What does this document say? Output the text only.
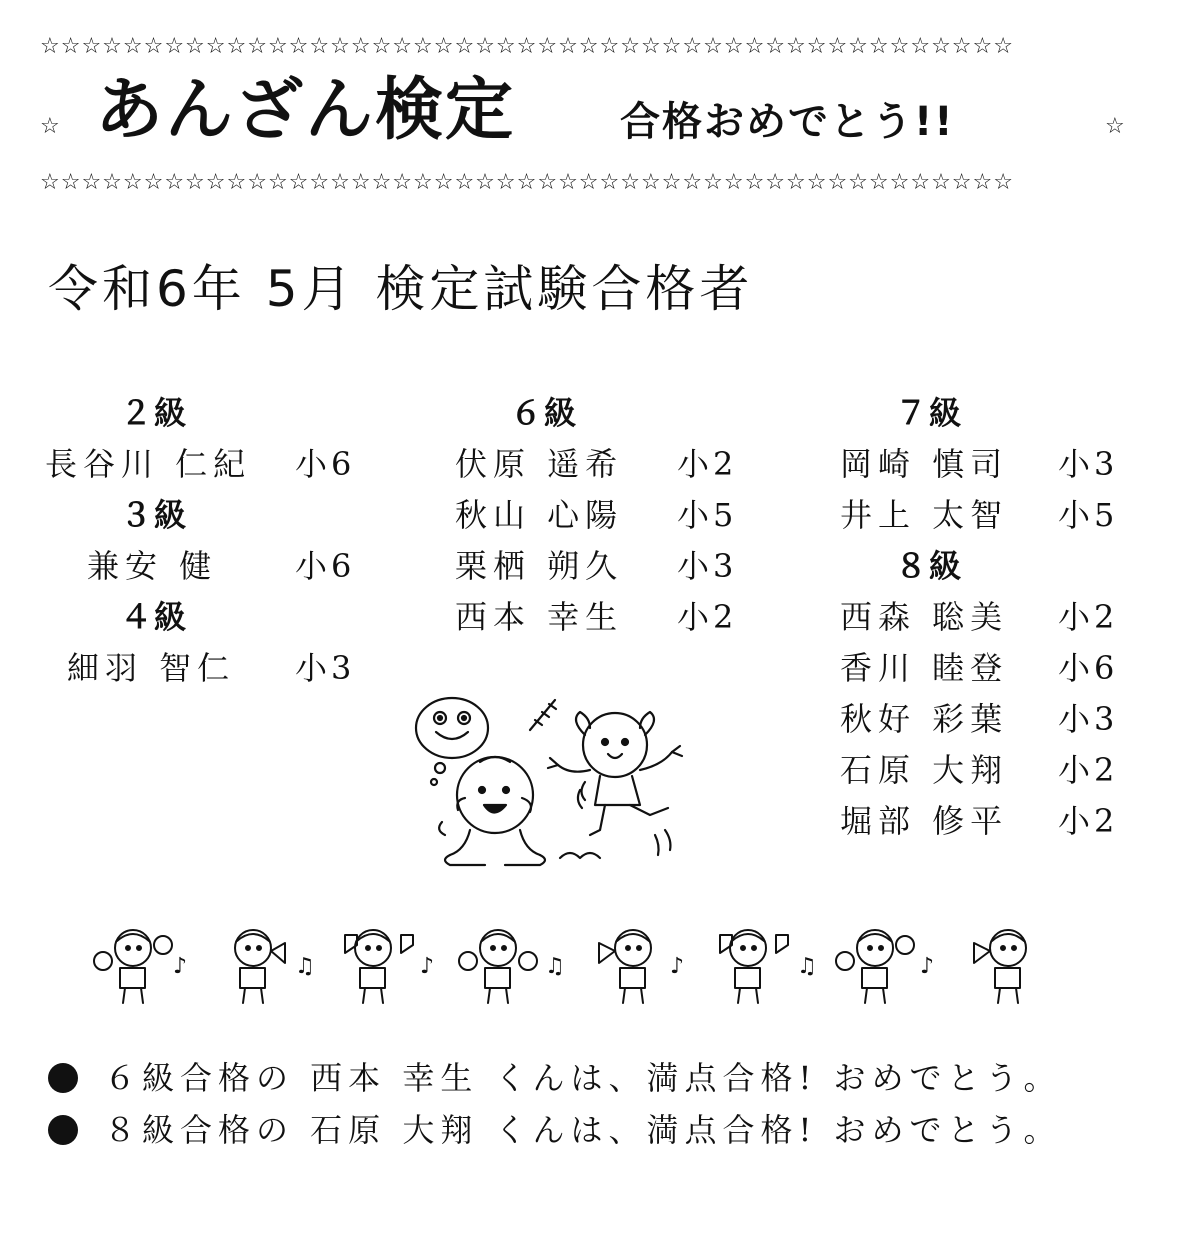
☆☆☆☆☆☆☆☆☆☆☆☆☆☆☆☆☆☆☆☆☆☆☆☆☆☆☆☆☆☆☆☆☆☆☆☆☆☆☆☆☆☆☆☆☆☆☆
☆ あんざん検定	合格おめでとう!!	☆
☆☆☆☆☆☆☆☆☆☆☆☆☆☆☆☆☆☆☆☆☆☆☆☆☆☆☆☆☆☆☆☆☆☆☆☆☆☆☆☆☆☆☆☆☆☆☆
令和6年 5月 検定試験合格者
２級
長谷川 仁紀 小6
３級
兼安 健 小6
４級
細羽 智仁 小3
６級
伏原 遥希 小2
秋山 心陽 小5
栗栖 朔久 小3
西本 幸生 小2
７級
岡崎 慎司 小3
井上 太智 小5
８級
西森 聡美 小2
香川 睦登 小6
秋好 彩葉 小3
石原 大翔 小2
堀部 修平 小2
♪	♫	♪	♫	♪	♫	♪
６級合格の 西本 幸生 くんは、満点合格! おめでとう。
８級合格の 石原 大翔 くんは、満点合格! おめでとう。
